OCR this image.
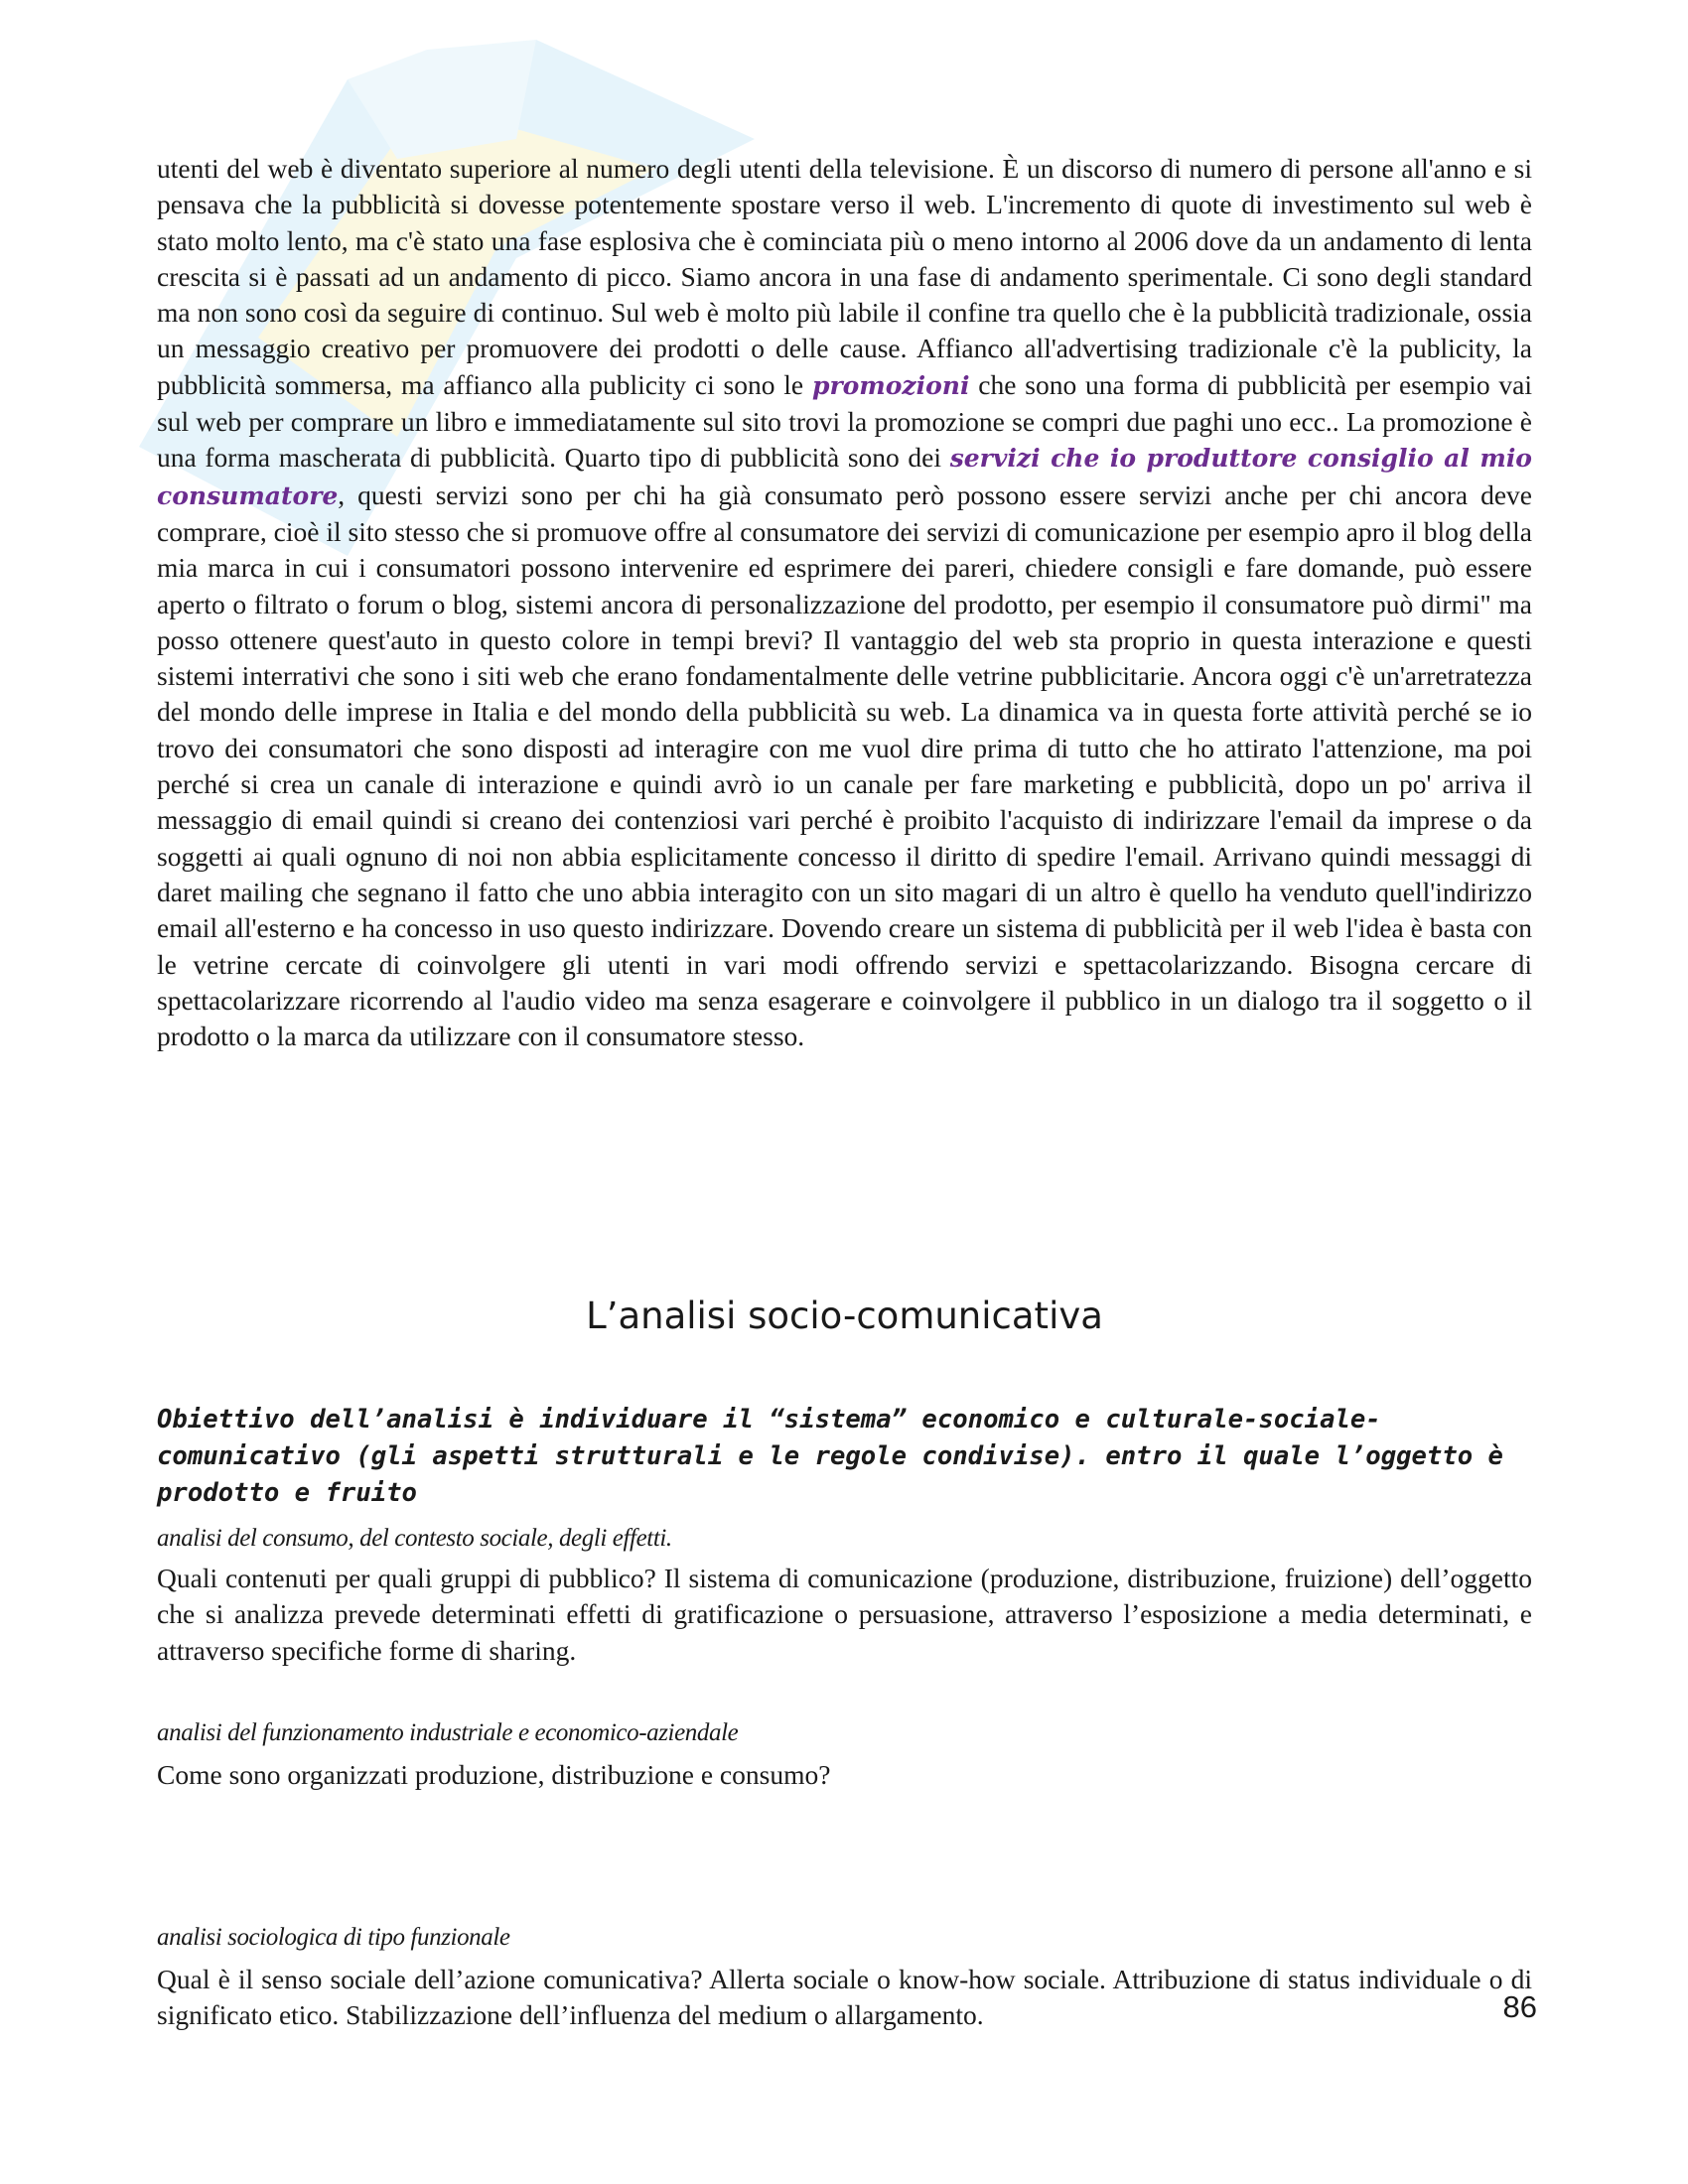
utenti del web è diventato superiore al numero degli utenti della televisione. È un discorso di numero di persone all'anno e si pensava che la pubblicità si dovesse potentemente spostare verso il web. L'incremento di quote di investimento sul web è stato molto lento, ma c'è stato una fase esplosiva che è cominciata più o meno intorno al 2006 dove da un andamento di lenta crescita si è passati ad un andamento di picco. Siamo ancora in una fase di andamento sperimentale. Ci sono degli standard ma non sono così da seguire di continuo. Sul web è molto più labile il confine tra quello che è la pubblicità tradizionale, ossia un messaggio creativo per promuovere dei prodotti o delle cause. Affianco all'advertising tradizionale c'è la publicity, la pubblicità sommersa, ma affianco alla publicity ci sono le promozioni che sono una forma di pubblicità per esempio vai sul web per comprare un libro e immediatamente sul sito trovi la promozione se compri due paghi uno ecc.. La promozione è una forma mascherata di pubblicità. Quarto tipo di pubblicità sono dei servizi che io produttore consiglio al mio consumatore, questi servizi sono per chi ha già consumato però possono essere servizi anche per chi ancora deve comprare, cioè il sito stesso che si promuove offre al consumatore dei servizi di comunicazione per esempio apro il blog della mia marca in cui i consumatori possono intervenire ed esprimere dei pareri, chiedere consigli e fare domande, può essere aperto o filtrato o forum o blog, sistemi ancora di personalizzazione del prodotto, per esempio il consumatore può dirmi" ma posso ottenere quest'auto in questo colore in tempi brevi? Il vantaggio del web sta proprio in questa interazione e questi sistemi interrativi che sono i siti web che erano fondamentalmente delle vetrine pubblicitarie. Ancora oggi c'è un'arretratezza del mondo delle imprese in Italia e del mondo della pubblicità su web. La dinamica va in questa forte attività perché se io trovo dei consumatori che sono disposti ad interagire con me vuol dire prima di tutto che ho attirato l'attenzione, ma poi perché si crea un canale di interazione e quindi avrò io un canale per fare marketing e pubblicità, dopo un po' arriva il messaggio di email quindi si creano dei contenziosi vari perché è proibito l'acquisto di indirizzare l'email da imprese o da soggetti ai quali ognuno di noi non abbia esplicitamente concesso il diritto di spedire l'email. Arrivano quindi messaggi di daret mailing che segnano il fatto che uno abbia interagito con un sito magari di un altro è quello ha venduto quell'indirizzo email all'esterno e ha concesso in uso questo indirizzare. Dovendo creare un sistema di pubblicità per il web l'idea è basta con le vetrine cercate di coinvolgere gli utenti in vari modi offrendo servizi e spettacolarizzando. Bisogna cercare di spettacolarizzare ricorrendo al l'audio video ma senza esagerare e coinvolgere il pubblico in un dialogo tra il soggetto o il prodotto o la marca da utilizzare con il consumatore stesso.

L’analisi socio-comunicativa

Obiettivo dell’analisi è individuare il “sistema” economico e culturale-sociale-comunicativo (gli aspetti strutturali e le regole condivise). entro il quale l’oggetto è prodotto e fruito

analisi del consumo, del contesto sociale, degli effetti.

Quali contenuti per quali gruppi di pubblico? Il sistema di comunicazione (produzione, distribuzione, fruizione) dell’oggetto che si analizza prevede determinati effetti di gratificazione o persuasione, attraverso l’esposizione a media determinati, e attraverso specifiche forme di sharing.

analisi del funzionamento industriale e economico-aziendale

Come sono organizzati produzione, distribuzione e consumo?

analisi sociologica di tipo funzionale

Qual è il senso sociale dell’azione comunicativa? Allerta sociale o know-how sociale. Attribuzione di status individuale o di significato etico. Stabilizzazione dell’influenza del medium o allargamento.	86
